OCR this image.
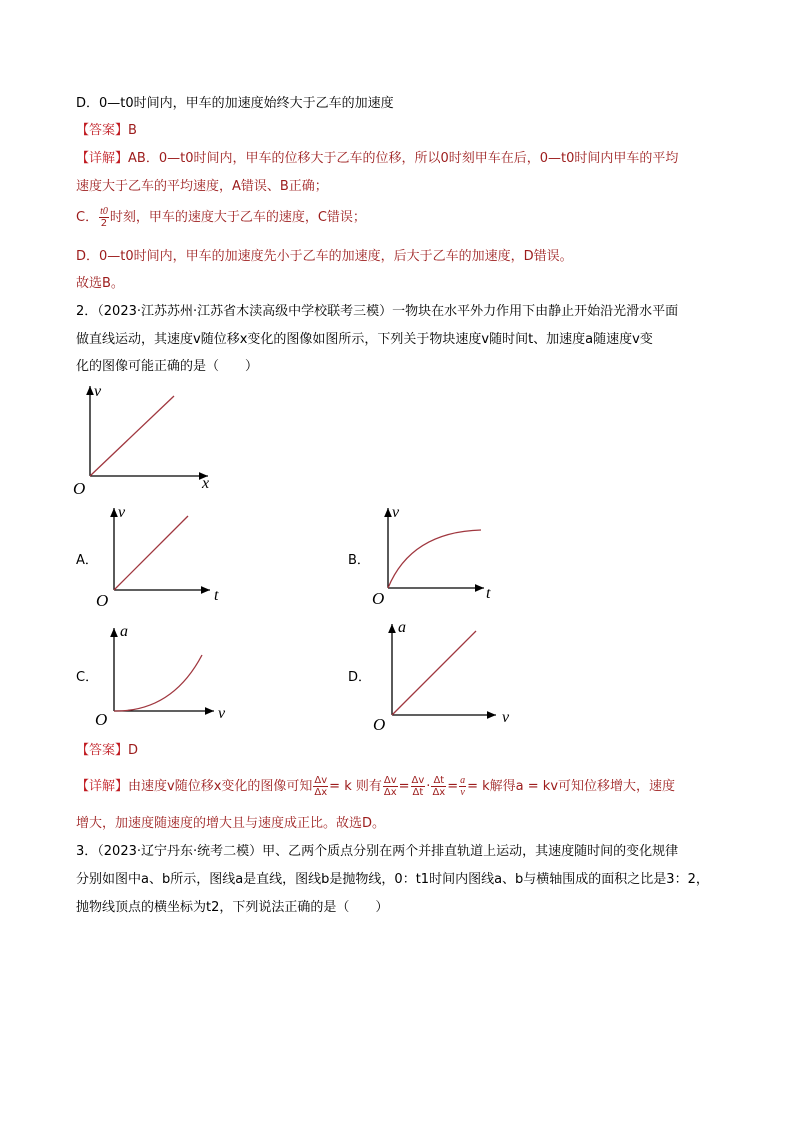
D．0—t0时间内，甲车的加速度始终大于乙车的加速度
【答案】B
【详解】AB．0—t0时间内，甲车的位移大于乙车的位移，所以0时刻甲车在后，0—t0时间内甲车的平均
速度大于乙车的平均速度，A错误、B正确；
C． $\frac{t0}{2}$ 时刻，甲车的速度大于乙车的速度，C错误；
D．0—t0时间内，甲车的加速度先小于乙车的加速度，后大于乙车的加速度，D错误。
故选B。
2．（2023·江苏苏州·江苏省木渎高级中学校联考三模）一物块在水平外力作用下由静止开始沿光滑水平面
做直线运动，其速度v随位移x变化的图像如图所示，下列关于物块速度v随时间t、加速度a随速度v变
化的图像可能正确的是（　　）
v
x
O
A．
v
t
O
B．
v
t
O
C．
a
v
O
D．
a
v
O
【答案】D
【详解】由速度v随位移x变化的图像可知 $\frac{\Delta v}{\Delta x} = k$ 则有 $\frac{\Delta v}{\Delta x} = \frac{\Delta v}{\Delta t} \cdot \frac{\Delta t}{\Delta x} = \frac{a}{v} = k$解得a = kv可知位移增大，速度
增大，加速度随速度的增大且与速度成正比。故选D。
3．（2023·辽宁丹东·统考二模）甲、乙两个质点分别在两个并排直轨道上运动，其速度随时间的变化规律
分别如图中a、b所示，图线a是直线，图线b是抛物线，0：t1时间内图线a、b与横轴围成的面积之比是3：2，
抛物线顶点的横坐标为t2，下列说法正确的是（　　）
